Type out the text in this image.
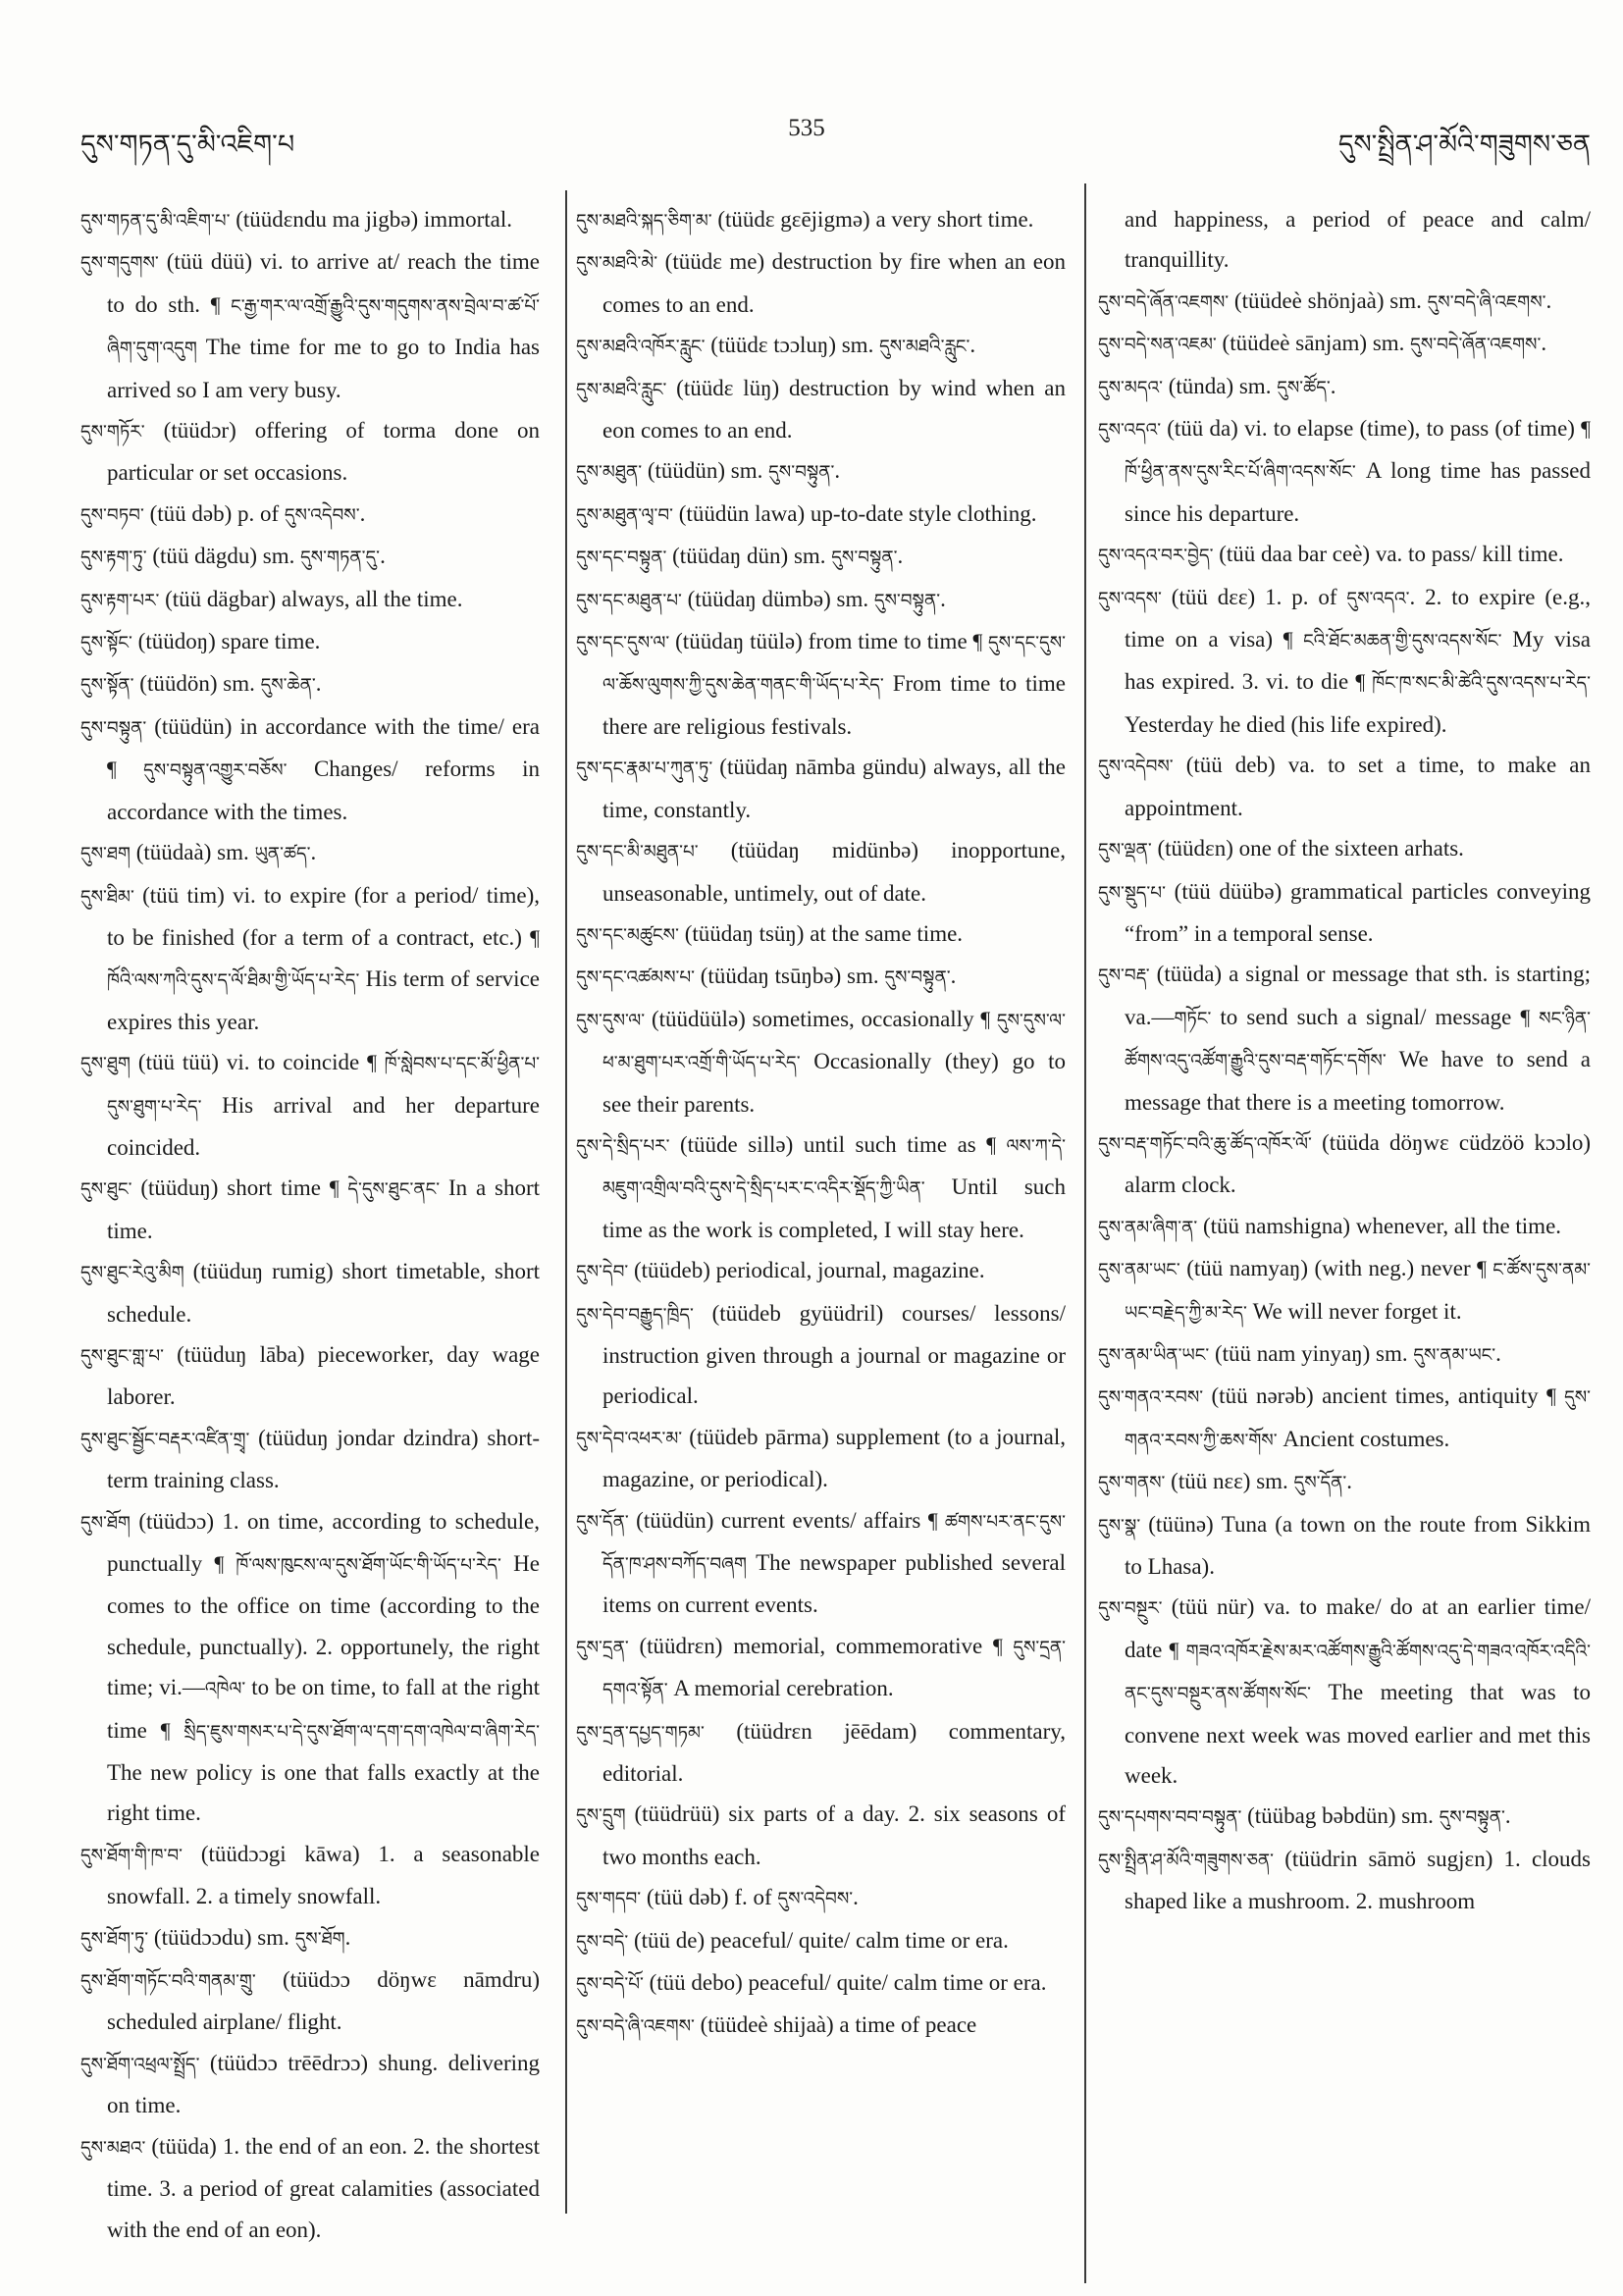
དུས་གཏན་དུ་མི་འཇིག་པ
535
དུས་སྤྲིན་ཤ་མོའི་གཟུགས་ཅན
དུས་གཏན་དུ་མི་འཇིག་པ་ (tüüdɛndu ma jigbə) immortal.
དུས་གདུགས་ (tüü düü) vi. to arrive at/ reach the time to do sth. ¶ ང་རྒྱ་གར་ལ་འགྲོ་རྒྱུའི་དུས་གདུགས་ནས་བྲེལ་བ་ཚ་པོ་ཞིག་དུག་འདུག The time for me to go to India has arrived so I am very busy.
དུས་གཏོར་ (tüüdɔr) offering of torma done on particular or set occasions.
དུས་བཏབ་ (tüü dəb) p. of དུས་འདེབས་.
དུས་རྟག་ཏུ་ (tüü dägdu) sm. དུས་གཏན་དུ་.
དུས་རྟག་པར་ (tüü dägbar) always, all the time.
དུས་སྟོང་ (tüüdoŋ) spare time.
དུས་སྟོན་ (tüüdön) sm. དུས་ཆེན་.
དུས་བསྟུན་ (tüüdün) in accordance with the time/ era ¶ དུས་བསྟུན་འགྱུར་བཅོས་ Changes/ reforms in accordance with the times.
དུས་ཐག (tüüdaà) sm. ཡུན་ཚད་.
དུས་ཐིམ་ (tüü tim) vi. to expire (for a period/ time), to be finished (for a term of a contract, etc.) ¶ ཁོའི་ལས་ཀའི་དུས་ད་ལོ་ཐིམ་གྱི་ཡོད་པ་རེད་ His term of service expires this year.
དུས་ཐུག (tüü tüü) vi. to coincide ¶ ཁོ་སླེབས་པ་དང་མོ་ཕྱིན་པ་དུས་ཐུག་པ་རེད་ His arrival and her departure coincided.
དུས་ཐུང་ (tüüduŋ) short time ¶ དེ་དུས་ཐུང་ནང་ In a short time.
དུས་ཐུང་རེའུ་མིག (tüüduŋ rumig) short timetable, short schedule.
དུས་ཐུང་གླ་པ་ (tüüduŋ lāba) pieceworker, day wage laborer.
དུས་ཐུང་སྦྱོང་བརྡར་འཛིན་གྲྭ་ (tüüduŋ jondar dzindra) short-term training class.
དུས་ཐོག (tüüdɔɔ) 1. on time, according to schedule, punctually ¶ ཁོ་ལས་ཁུངས་ལ་དུས་ཐོག་ཡོང་གི་ཡོད་པ་རེད་ He comes to the office on time (according to the schedule, punctually). 2. opportunely, the right time; vi.—འཁེལ་ to be on time, to fall at the right time ¶ སྲིད་ཇུས་གསར་པ་དེ་དུས་ཐོག་ལ་དག་དག་འཁེལ་བ་ཞིག་རེད་ The new policy is one that falls exactly at the right time.
དུས་ཐོག་གི་ཁ་བ་ (tüüdɔɔgi kāwa) 1. a seasonable snowfall. 2. a timely snowfall.
དུས་ཐོག་ཏུ་ (tüüdɔɔdu) sm. དུས་ཐོག.
དུས་ཐོག་གཏོང་བའི་གནམ་གྲུ་ (tüüdɔɔ döŋwɛ nāmdru) scheduled airplane/ flight.
དུས་ཐོག་འཕྲལ་སྤྲོད་ (tüüdɔɔ trēēdrɔɔ) shung. delivering on time.
དུས་མཐའ་ (tüüda) 1. the end of an eon. 2. the shortest time. 3. a period of great calamities (associated with the end of an eon).
དུས་མཐའི་སྐད་ཅིག་མ་ (tüüdɛ gɛējigmə) a very short time.
དུས་མཐའི་མེ་ (tüüdɛ me) destruction by fire when an eon comes to an end.
དུས་མཐའི་འཁོར་རླུང་ (tüüdɛ tɔɔluŋ) sm. དུས་མཐའི་རླུང་.
དུས་མཐའི་རླུང་ (tüüdɛ lüŋ) destruction by wind when an eon comes to an end.
དུས་མཐུན་ (tüüdün) sm. དུས་བསྟུན་.
དུས་མཐུན་ལྭ་བ་ (tüüdün lawa) up-to-date style clothing.
དུས་དང་བསྟུན་ (tüüdaŋ dün) sm. དུས་བསྟུན་.
དུས་དང་མཐུན་པ་ (tüüdaŋ dümbə) sm. དུས་བསྟུན་.
དུས་དང་དུས་ལ་ (tüüdaŋ tüülə) from time to time ¶ དུས་དང་དུས་ལ་ཆོས་ལུགས་ཀྱི་དུས་ཆེན་གནང་གི་ཡོད་པ་རེད་ From time to time there are religious festivals.
དུས་དང་རྣམ་པ་ཀུན་ཏུ་ (tüüdaŋ nāmba gündu) always, all the time, constantly.
དུས་དང་མི་མཐུན་པ་ (tüüdaŋ midünbə) inopportune, unseasonable, untimely, out of date.
དུས་དང་མཚུངས་ (tüüdaŋ tsüŋ) at the same time.
དུས་དང་འཚམས་པ་ (tüüdaŋ tsūŋbə) sm. དུས་བསྟུན་.
དུས་དུས་ལ་ (tüüdüülə) sometimes, occasionally ¶ དུས་དུས་ལ་ཕ་མ་ཐུག་པར་འགྲོ་གི་ཡོད་པ་རེད་ Occasionally (they) go to see their parents.
དུས་དེ་སྲིད་པར་ (tüüde sillə) until such time as ¶ ལས་ཀ་དེ་མཇུག་འགྲིལ་བའི་དུས་དེ་སྲིད་པར་ང་འདིར་སྡོད་ཀྱི་ཡིན་ Until such time as the work is completed, I will stay here.
དུས་དེབ་ (tüüdeb) periodical, journal, magazine.
དུས་དེབ་བརྒྱུད་ཁྲིད་ (tüüdeb gyüüdril) courses/ lessons/ instruction given through a journal or magazine or periodical.
དུས་དེབ་འཕར་མ་ (tüüdeb pārma) supplement (to a journal, magazine, or periodical).
དུས་དོན་ (tüüdün) current events/ affairs ¶ ཚགས་པར་ནང་དུས་དོན་ཁ་ཤས་བཀོད་བཞག The newspaper published several items on current events.
དུས་དྲན་ (tüüdrɛn) memorial, commemorative ¶ དུས་དྲན་དགའ་སྟོན་ A memorial cerebration.
དུས་དྲན་དཔྱད་གཏམ་ (tüüdrɛn jēēdam) commentary, editorial.
དུས་དྲུག (tüüdrüü) six parts of a day. 2. six seasons of two months each.
དུས་གདབ་ (tüü dəb) f. of དུས་འདེབས་.
དུས་བདེ་ (tüü de) peaceful/ quite/ calm time or era.
དུས་བདེ་པོ་ (tüü debo) peaceful/ quite/ calm time or era.
དུས་བདེ་ཞི་འཇགས་ (tüüdeè shijaà) a time of peace
and happiness, a period of peace and calm/ tranquillity.
དུས་བདེ་ཞོན་འཇགས་ (tüüdeè shönjaà) sm. དུས་བདེ་ཞི་འཇགས་.
དུས་བདེ་སན་འཇམ་ (tüüdeè sānjam) sm. དུས་བདེ་ཞོན་འཇགས་.
དུས་མདའ་ (tünda) sm. དུས་ཚོད་.
དུས་འདའ་ (tüü da) vi. to elapse (time), to pass (of time) ¶ ཁོ་ཕྱིན་ནས་དུས་རིང་པོ་ཞིག་འདས་སོང་ A long time has passed since his departure.
དུས་འདའ་བར་བྱེད་ (tüü daa bar ceè) va. to pass/ kill time.
དུས་འདས་ (tüü dɛɛ) 1. p. of དུས་འདའ་. 2. to expire (e.g., time on a visa) ¶ ངའི་ཐོང་མཆན་གྱི་དུས་འདས་སོང་ My visa has expired. 3. vi. to die ¶ ཁོང་ཁ་སང་མི་ཚེའི་དུས་འདས་པ་རེད་ Yesterday he died (his life expired).
དུས་འདེབས་ (tüü deb) va. to set a time, to make an appointment.
དུས་ལྡན་ (tüüdɛn) one of the sixteen arhats.
དུས་སྡུད་པ་ (tüü düübə) grammatical particles conveying “from” in a temporal sense.
དུས་བརྡ་ (tüüda) a signal or message that sth. is starting; va.—གཏོང་ to send such a signal/ message ¶ སང་ཉིན་ཚོགས་འདུ་འཚོག་རྒྱུའི་དུས་བརྡ་གཏོང་དགོས་ We have to send a message that there is a meeting tomorrow.
དུས་བརྡ་གཏོང་བའི་ཆུ་ཚོད་འཁོར་ལོ་ (tüüda döŋwɛ cüdzöö kɔɔlo) alarm clock.
དུས་ནམ་ཞིག་ན་ (tüü namshigna) whenever, all the time.
དུས་ནམ་ཡང་ (tüü namyaŋ) (with neg.) never ¶ ང་ཚོས་དུས་ནམ་ཡང་བརྗེད་ཀྱི་མ་རེད་ We will never forget it.
དུས་ནམ་ཡིན་ཡང་ (tüü nam yinyaŋ) sm. དུས་ནམ་ཡང་.
དུས་གནའ་རབས་ (tüü nərəb) ancient times, antiquity ¶ དུས་གནའ་རབས་ཀྱི་ཆས་གོས་ Ancient costumes.
དུས་གནས་ (tüü nɛɛ) sm. དུས་དོན་.
དུས་སྣ་ (tüünə) Tuna (a town on the route from Sikkim to Lhasa).
དུས་བསྔུར་ (tüü nür) va. to make/ do at an earlier time/ date ¶ གཟའ་འཁོར་རྗེས་མར་འཚོགས་རྒྱུའི་ཚོགས་འདུ་དེ་གཟའ་འཁོར་འདིའི་ནང་དུས་བསྔུར་ནས་ཚོགས་སོང་ The meeting that was to convene next week was moved earlier and met this week.
དུས་དཔགས་བབ་བསྟུན་ (tüübag bəbdün) sm. དུས་བསྟུན་.
དུས་སྤྲིན་ཤ་མོའི་གཟུགས་ཅན་ (tüüdrin sāmö sugjɛn) 1. clouds shaped like a mushroom. 2. mushroom
